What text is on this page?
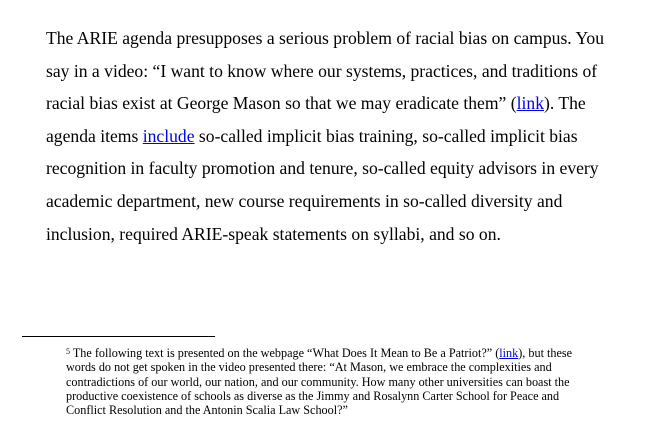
The ARIE agenda presupposes a serious problem of racial bias on campus. You
say in a video: “I want to know where our systems, practices, and traditions of
racial bias exist at George Mason so that we may eradicate them” (link). The
agenda items include so-called implicit bias training, so-called implicit bias
recognition in faculty promotion and tenure, so-called equity advisors in every
academic department, new course requirements in so-called diversity and
inclusion, required ARIE-speak statements on syllabi, and so on.

$^5$ The following text is presented on the webpage “What Does It Mean to Be a Patriot?” (link), but these
words do not get spoken in the video presented there: “At Mason, we embrace the complexities and
contradictions of our world, our nation, and our community. How many other universities can boast the
productive coexistence of schools as diverse as the Jimmy and Rosalynn Carter School for Peace and
Conflict Resolution and the Antonin Scalia Law School?”
